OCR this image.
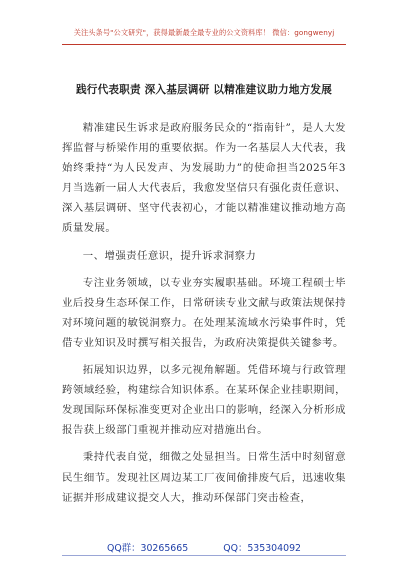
关注头条号"公文研究"，获得最新最全最专业的公文资料库！ 微信：gongwenyj
践行代表职责 深入基层调研 以精准建议助力地方发展

精准建民生诉求是政府服务民众的“指南针”，是人大发挥监督与桥梁作用的重要依据。作为一名基层人大代表，我始终秉持“为人民发声、为发展助力”的使命担当2025年3月当选新一届人大代表后，我愈发坚信只有强化责任意识、深入基层调研、坚守代表初心，才能以精准建议推动地方高质量发展。

一、增强责任意识，提升诉求洞察力

专注业务领域，以专业夯实履职基础。环境工程硕士毕业后投身生态环保工作，日常研读专业文献与政策法规保持对环境问题的敏锐洞察力。在处理某流域水污染事件时，凭借专业知识及时撰写相关报告，为政府决策提供关键参考。

拓展知识边界，以多元视角解题。凭借环境与行政管理跨领域经验，构建综合知识体系。在某环保企业挂职期间，发现国际环保标准变更对企业出口的影响，经深入分析形成报告获上级部门重视并推动应对措施出台。

秉持代表自觉，细微之处显担当。日常生活中时刻留意民生细节。发现社区周边某工厂夜间偷排废气后，迅速收集证据并形成建议提交人大，推动环保部门突击检查，

QQ群：30265665	QQ：535304092
